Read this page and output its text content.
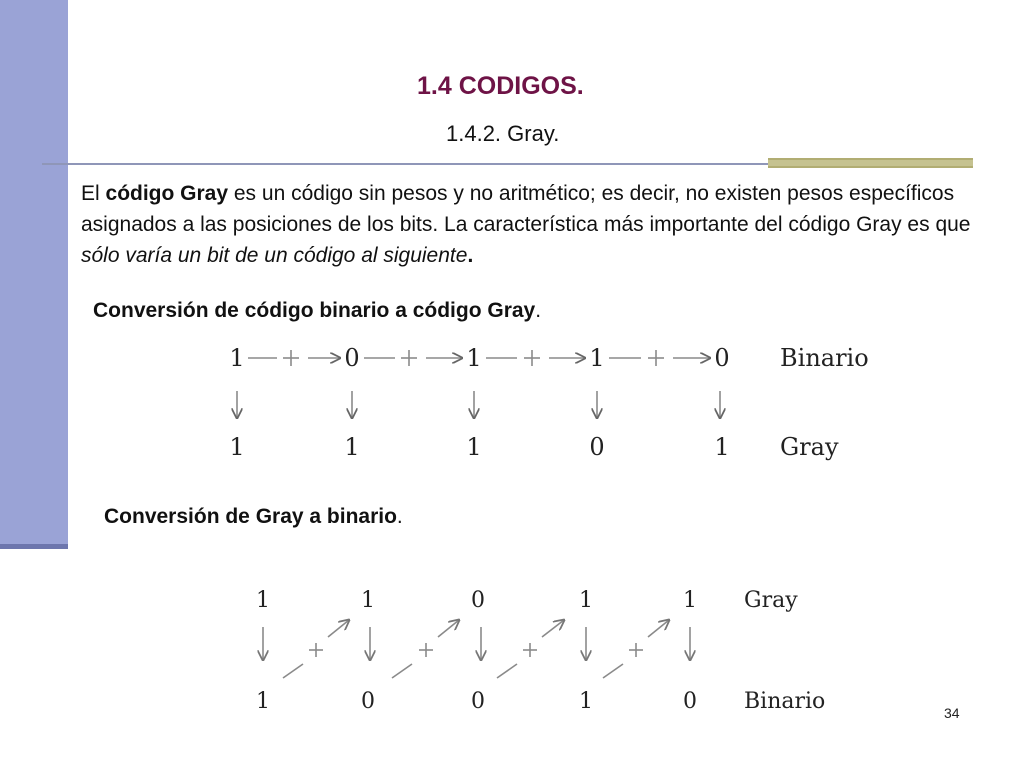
1.4 CODIGOS.
1.4.2. Gray.

El código Gray es un código sin pesos y no aritmético; es decir, no existen pesos específicos asignados a las posiciones de los bits. La característica más importante del código Gray es que sólo varía un bit de un código al siguiente.

Conversión de código binario a código Gray.

Conversión de Gray a binario.

1	0	1	1	0
1	1	1	0	1
Binario
Gray
1	1	0	1	1
1	0	0	1	0
Gray
Binario	34
